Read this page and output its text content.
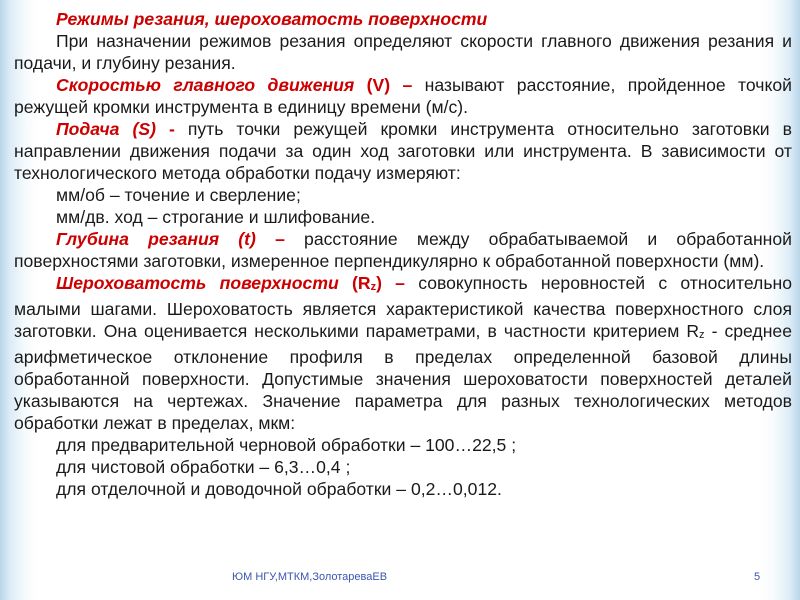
Режимы резания, шероховатость поверхности

При назначении режимов резания определяют скорости главного движения резания и подачи, и глубину резания.

Скоростью главного движения (V) – называют расстояние, пройденное точкой режущей кромки инструмента в единицу времени (м/с).

Подача (S) - путь точки режущей кромки инструмента относительно заготовки в направлении движения подачи за один ход заготовки или инструмента. В зависимости от технологического метода обработки подачу измеряют:

мм/об – точение и сверление;

мм/дв. ход – строгание и шлифование.

Глубина резания (t) – расстояние между обрабатываемой и обработанной поверхностями заготовки, измеренное перпендикулярно к обработанной поверхности (мм).

Шероховатость поверхности (Rz) – совокупность неровностей с относительно малыми шагами. Шероховатость является характеристикой качества поверхностного слоя заготовки. Она оценивается несколькими параметрами, в частности критерием Rz - среднее арифметическое отклонение профиля в пределах определенной базовой длины обработанной поверхности. Допустимые значения шероховатости поверхностей деталей указываются на чертежах. Значение параметра для разных технологических методов обработки лежат в пределах, мкм:

для предварительной черновой обработки – 100…22,5 ;

для чистовой обработки – 6,3…0,4 ;

для отделочной и доводочной обработки – 0,2…0,012.

ЮМ НГУ,МТКМ,ЗолотареваЕВ	5
